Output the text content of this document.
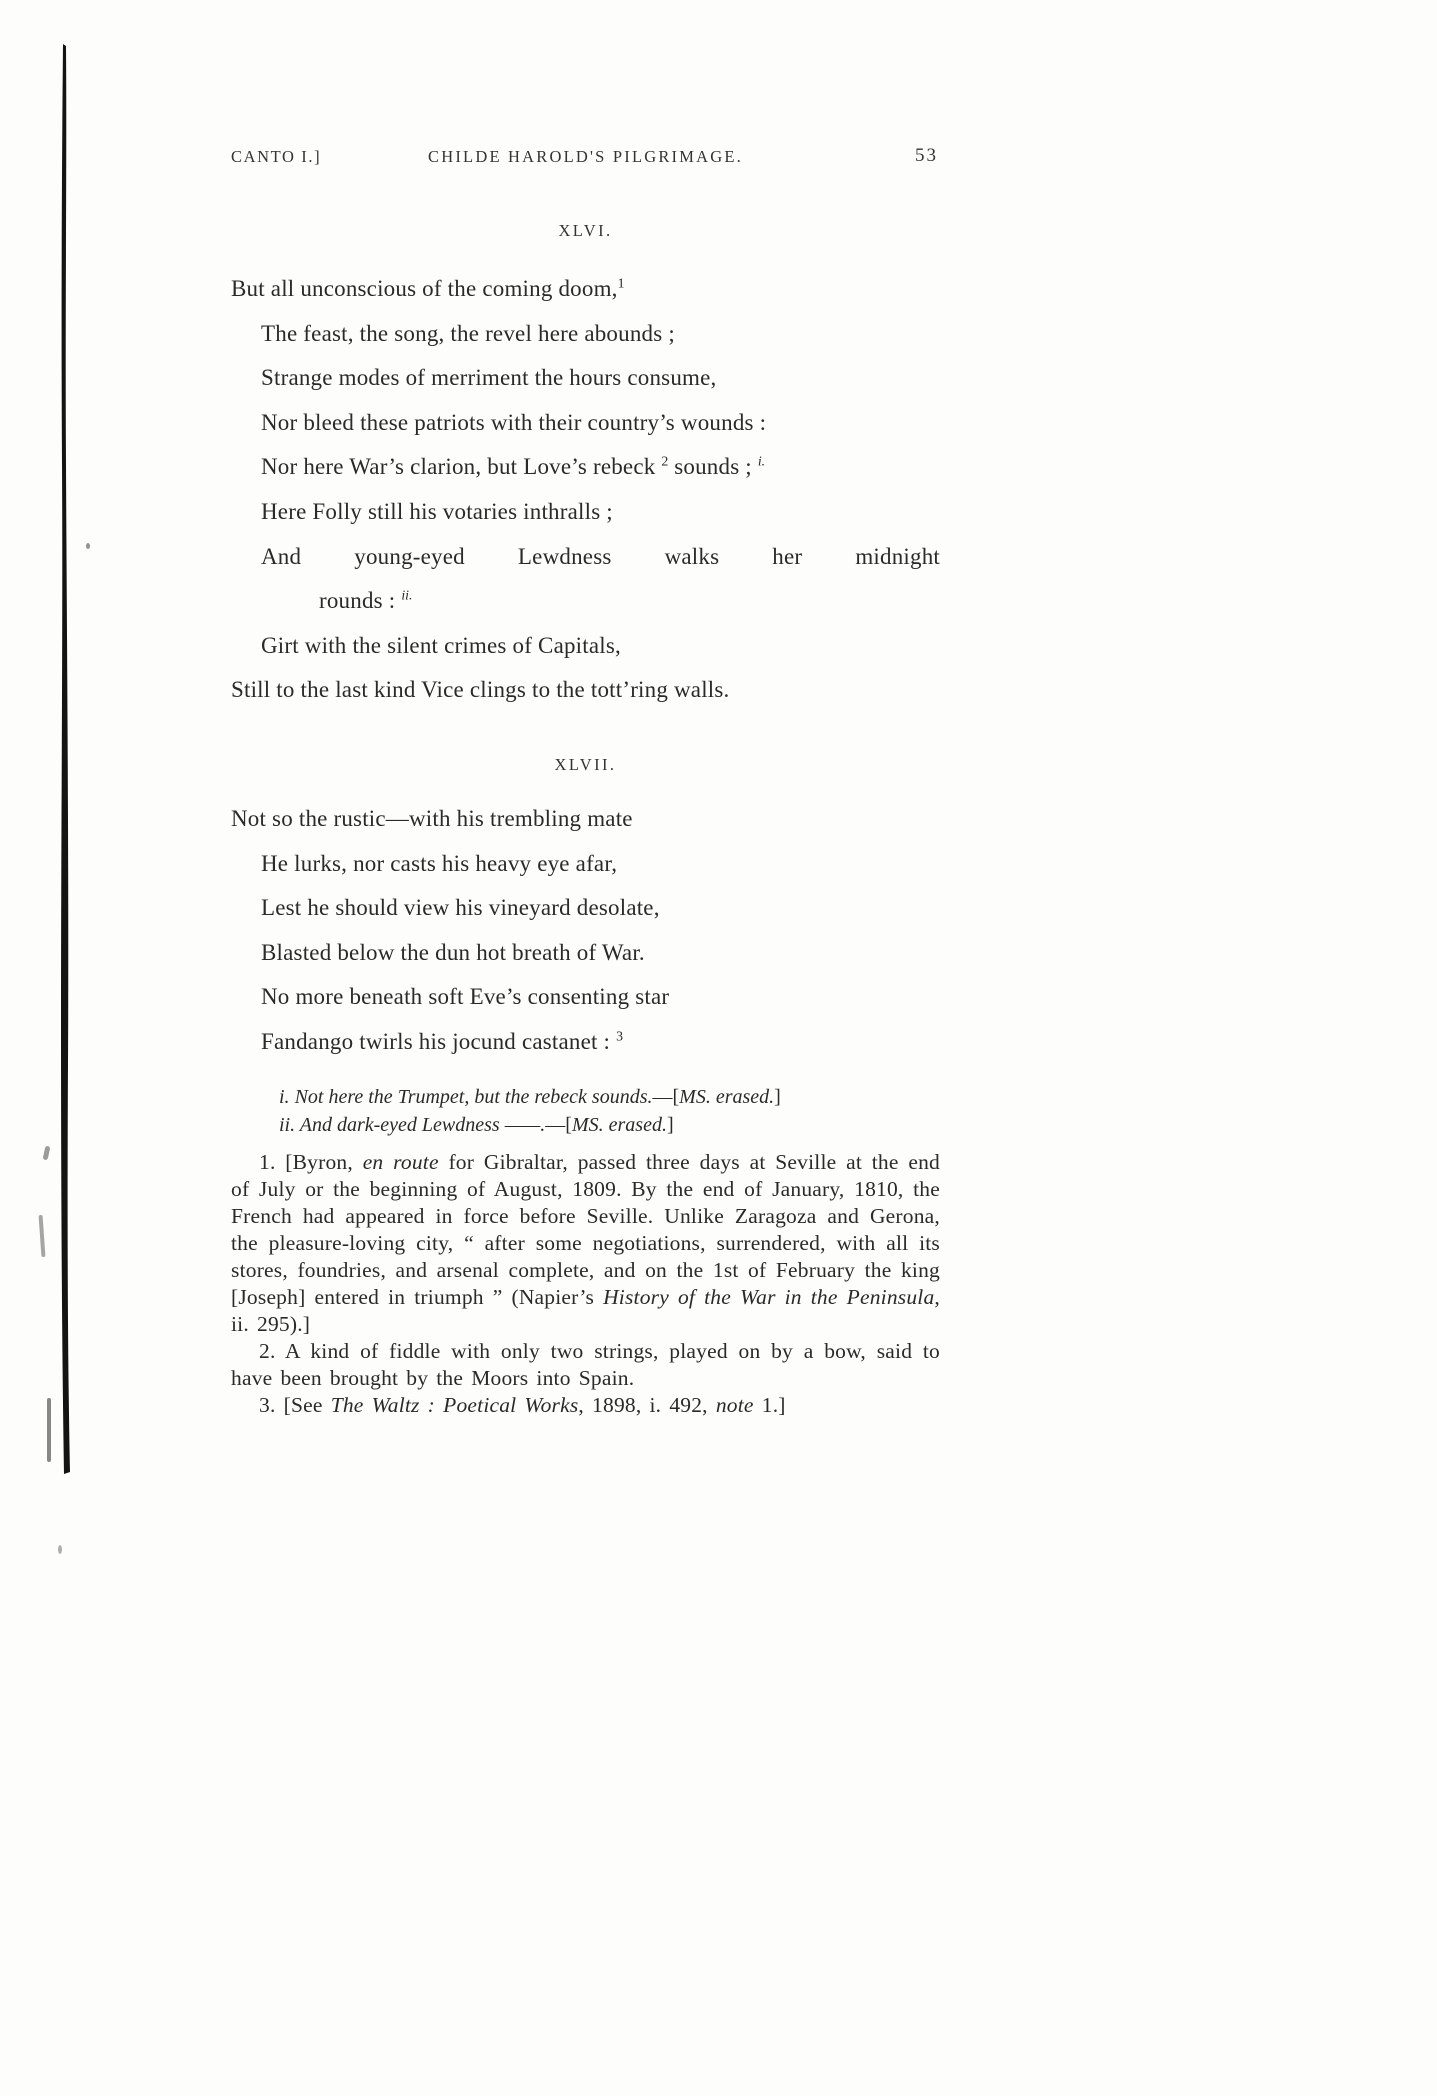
CANTO I.]	CHILDE HAROLD'S PILGRIMAGE.	53
XLVI.
But all unconscious of the coming doom,$^1$
The feast, the song, the revel here abounds ;
Strange modes of merriment the hours consume,
Nor bleed these patriots with their country’s wounds :
Nor here War’s clarion, but Love’s rebeck $^2$ sounds ; $^{i.}$
Here Folly still his votaries inthralls ;
And young-eyed Lewdness walks her midnight
rounds : $^{ii.}$
Girt with the silent crimes of Capitals,
Still to the last kind Vice clings to the tott’ring walls.
XLVII.
Not so the rustic—with his trembling mate
He lurks, nor casts his heavy eye afar,
Lest he should view his vineyard desolate,
Blasted below the dun hot breath of War.
No more beneath soft Eve’s consenting star
Fandango twirls his jocund castanet : $^3$
i. Not here the Trumpet, but the rebeck sounds.—[MS. erased.]
ii. And dark-eyed Lewdness ——.—[MS. erased.]

1. [Byron, en route for Gibraltar, passed three days at Seville at the end of July or the beginning of August, 1809. By the end of January, 1810, the French had appeared in force before Seville. Unlike Zaragoza and Gerona, the pleasure-loving city, “ after some negotiations, surrendered, with all its stores, foundries, and arsenal complete, and on the 1st of February the king [Joseph] entered in triumph ” (Napier’s History of the War in the Peninsula, ii. 295).]

2. A kind of fiddle with only two strings, played on by a bow, said to have been brought by the Moors into Spain.

3. [See The Waltz : Poetical Works, 1898, i. 492, note 1.]
